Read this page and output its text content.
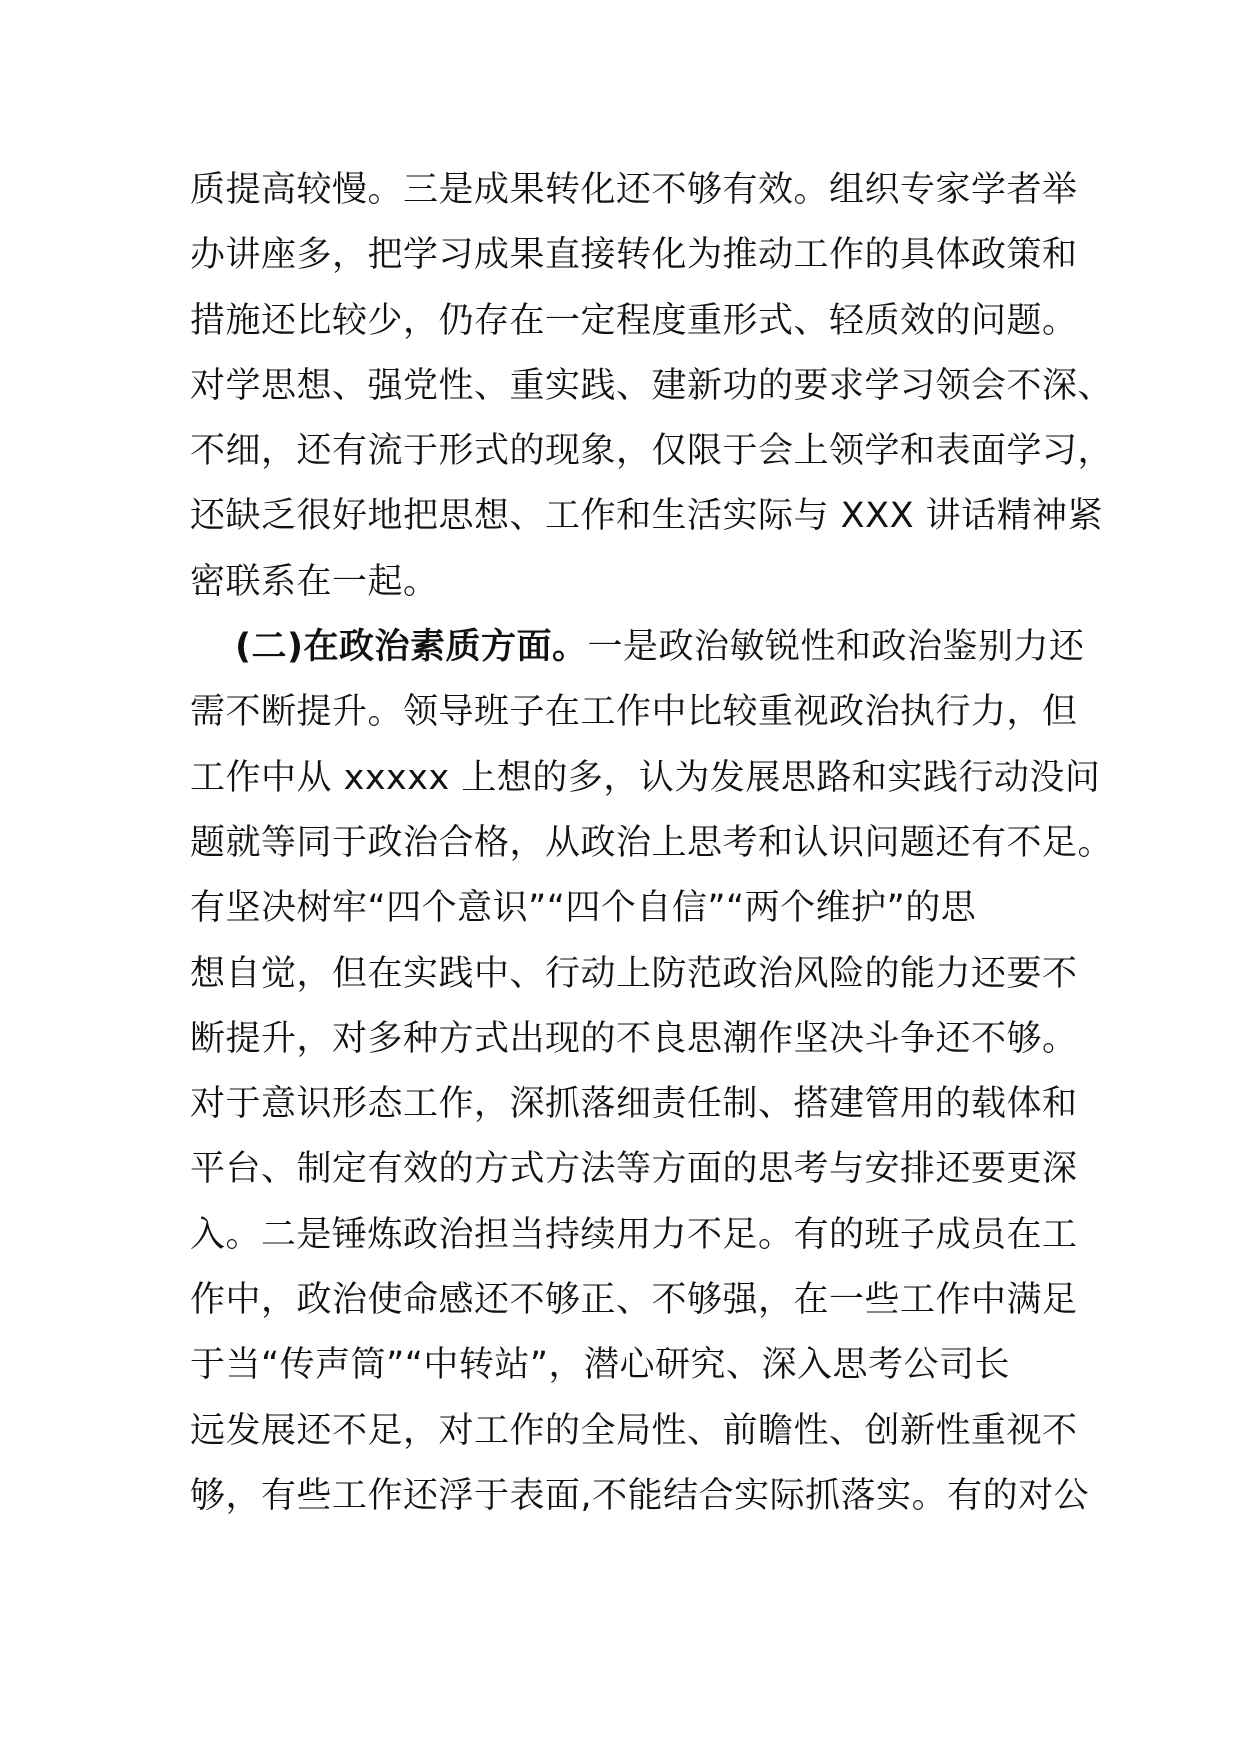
质提高较慢。三是成果转化还不够有效。组织专家学者举
办讲座多，把学习成果直接转化为推动工作的具体政策和
措施还比较少，仍存在一定程度重形式、轻质效的问题。
对学思想、强党性、重实践、建新功的要求学习领会不深、
不细，还有流于形式的现象，仅限于会上领学和表面学习，
还缺乏很好地把思想、工作和生活实际与 XXX 讲话精神紧
密联系在一起。
(二)在政治素质方面。一是政治敏锐性和政治鉴别力还
需不断提升。领导班子在工作中比较重视政治执行力，但
工作中从 xxxxx 上想的多，认为发展思路和实践行动没问
题就等同于政治合格，从政治上思考和认识问题还有不足。
有坚决树牢“四个意识”“四个自信”“两个维护”的思
想自觉，但在实践中、行动上防范政治风险的能力还要不
断提升，对多种方式出现的不良思潮作坚决斗争还不够。
对于意识形态工作，深抓落细责任制、搭建管用的载体和
平台、制定有效的方式方法等方面的思考与安排还要更深
入。二是锤炼政治担当持续用力不足。有的班子成员在工
作中，政治使命感还不够正、不够强，在一些工作中满足
于当“传声筒”“中转站”，潜心研究、深入思考公司长
远发展还不足，对工作的全局性、前瞻性、创新性重视不
够，有些工作还浮于表面,不能结合实际抓落实。有的对公
